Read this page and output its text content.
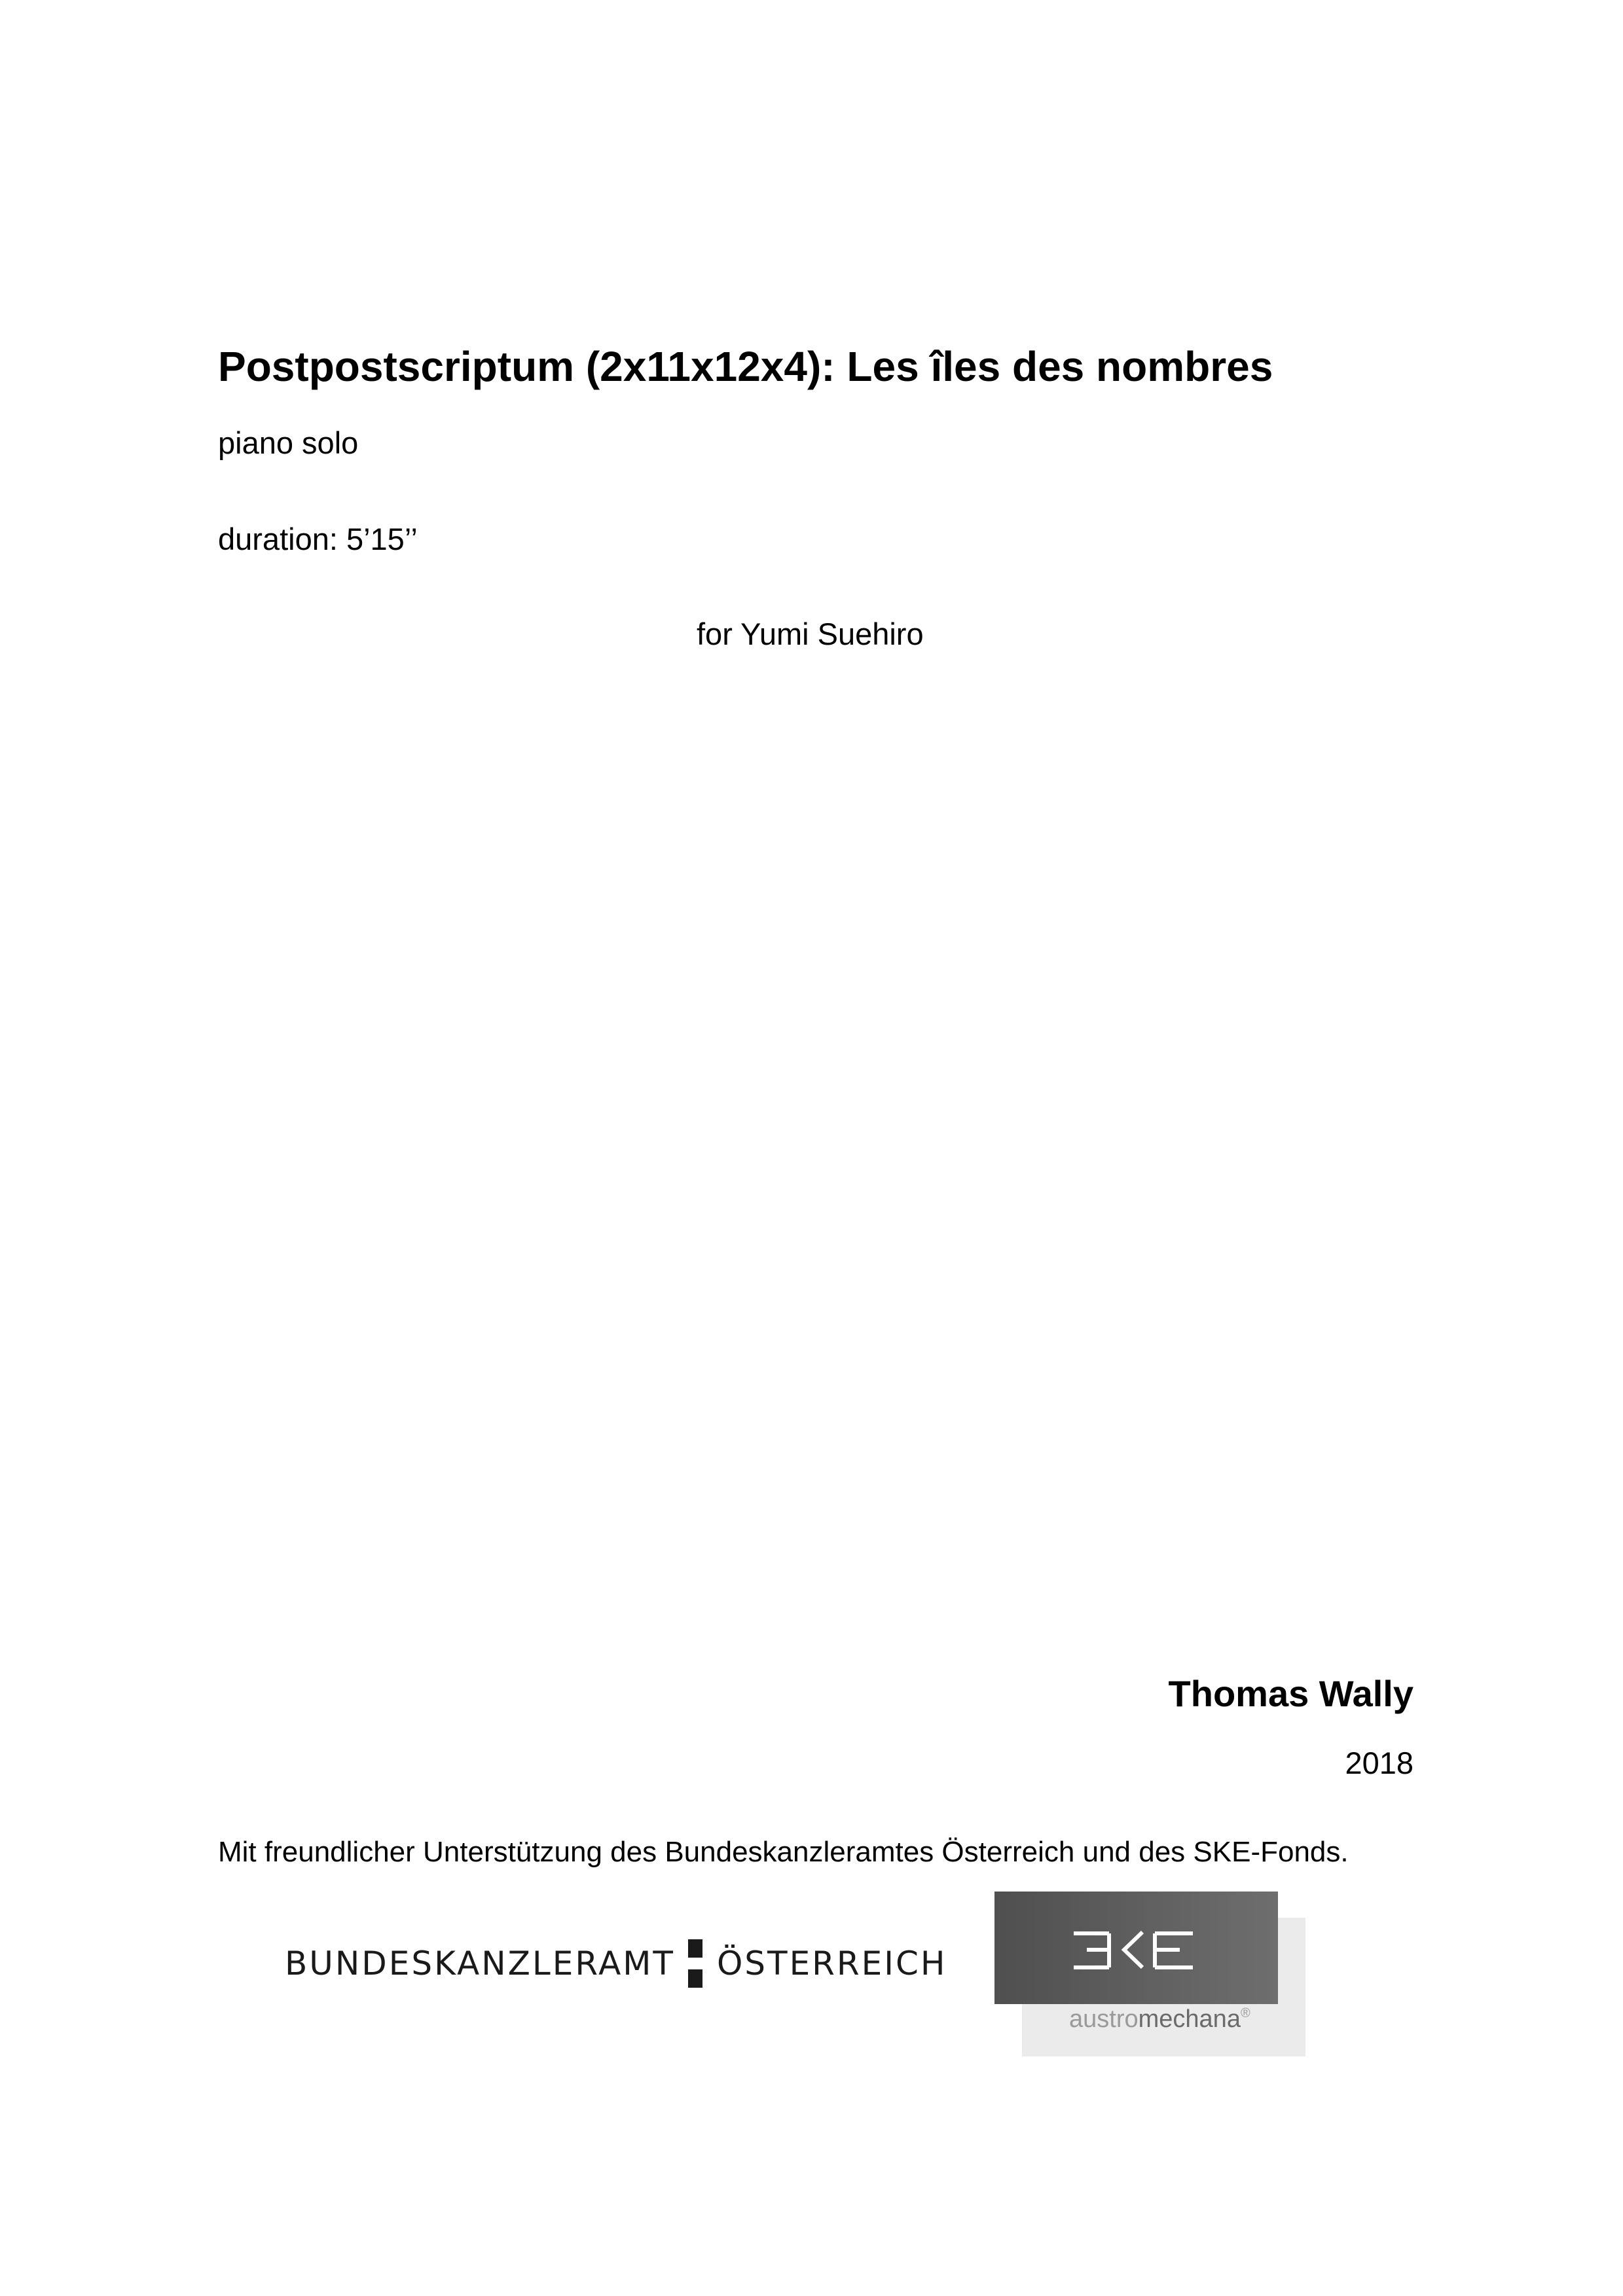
Postpostscriptum (2x11x12x4): Les îles des nombres
piano solo
duration: 5’15’’
for Yumi Suehiro
Thomas Wally
2018
Mit freundlicher Unterstützung des Bundeskanzleramtes Österreich und des SKE-Fonds.
BUNDESKANZLERAMT ÖSTERREICH
austromechana®
